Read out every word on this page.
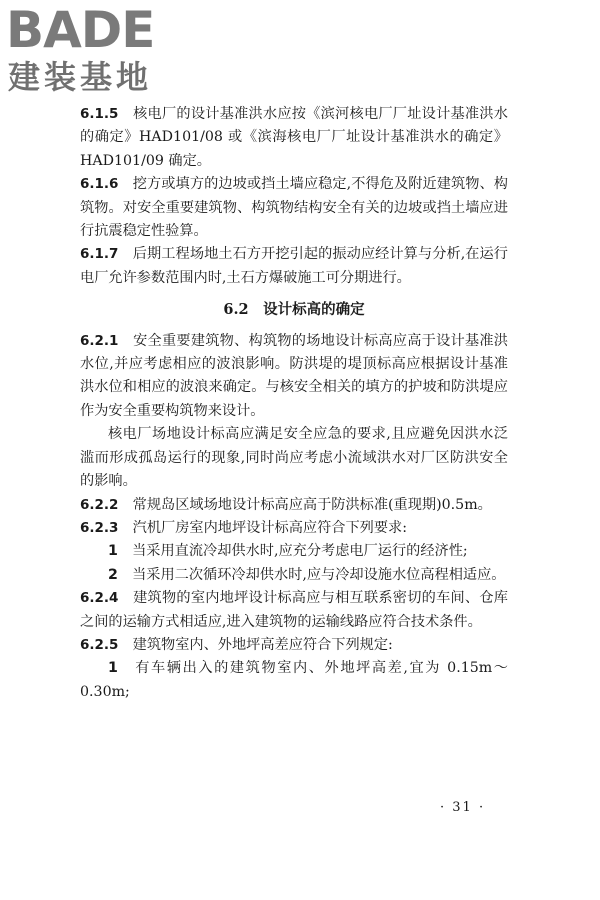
BADE
建装基地

6.1.5　 核电厂的设计基准洪水应按《滨河核电厂厂址设计基准洪水的确定》HAD101/08 或《滨海核电厂厂址设计基准洪水的确定》HAD101/09 确定。

6.1.6　 挖方或填方的边坡或挡土墙应稳定,不得危及附近建筑物、构筑物。对安全重要建筑物、构筑物结构安全有关的边坡或挡土墙应进行抗震稳定性验算。

6.1.7　 后期工程场地土石方开挖引起的振动应经计算与分析,在运行电厂允许参数范围内时,土石方爆破施工可分期进行。

6.2　 设计标高的确定

6.2.1　 安全重要建筑物、构筑物的场地设计标高应高于设计基准洪水位,并应考虑相应的波浪影响。防洪堤的堤顶标高应根据设计基准洪水位和相应的波浪来确定。与核安全相关的填方的护坡和防洪堤应作为安全重要构筑物来设计。

核电厂场地设计标高应满足安全应急的要求,且应避免因洪水泛滥而形成孤岛运行的现象,同时尚应考虑小流域洪水对厂区防洪安全的影响。

6.2.2　 常规岛区域场地设计标高应高于防洪标准(重现期)0.5m。

6.2.3　 汽机厂房室内地坪设计标高应符合下列要求:

1　 当采用直流冷却供水时,应充分考虑电厂运行的经济性;

2　 当采用二次循环冷却供水时,应与冷却设施水位高程相适应。

6.2.4　 建筑物的室内地坪设计标高应与相互联系密切的车间、仓库之间的运输方式相适应,进入建筑物的运输线路应符合技术条件。

6.2.5　 建筑物室内、外地坪高差应符合下列规定:

1　 有车辆出入的建筑物室内、外地坪高差,宜为 0.15m～0.30m;

· 31 ·
